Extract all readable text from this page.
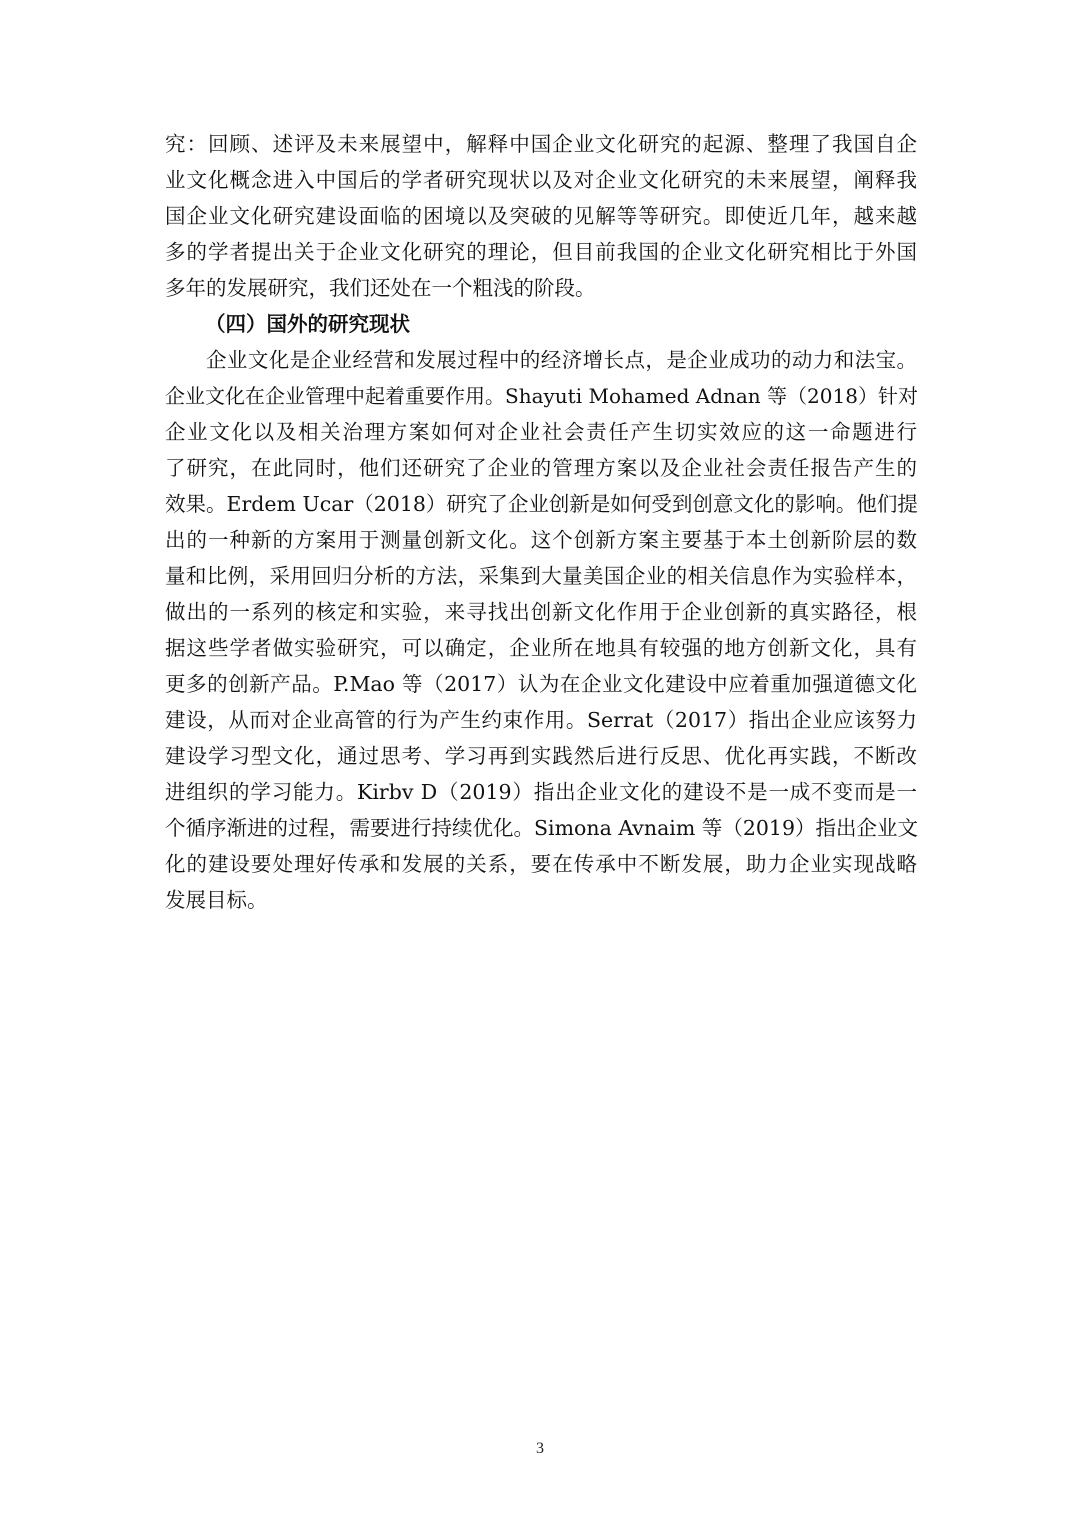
究：回顾、述评及未来展望中，解释中国企业文化研究的起源、整理了我国自企
业文化概念进入中国后的学者研究现状以及对企业文化研究的未来展望，阐释我
国企业文化研究建设面临的困境以及突破的见解等等研究。即使近几年，越来越
多的学者提出关于企业文化研究的理论，但目前我国的企业文化研究相比于外国
多年的发展研究，我们还处在一个粗浅的阶段。
（四）国外的研究现状
企业文化是企业经营和发展过程中的经济增长点，是企业成功的动力和法宝。
企业文化在企业管理中起着重要作用。Shayuti Mohamed Adnan 等（2018）针对
企业文化以及相关治理方案如何对企业社会责任产生切实效应的这一命题进行
了研究，在此同时，他们还研究了企业的管理方案以及企业社会责任报告产生的
效果。Erdem Ucar（2018）研究了企业创新是如何受到创意文化的影响。他们提
出的一种新的方案用于测量创新文化。这个创新方案主要基于本土创新阶层的数
量和比例，采用回归分析的方法，采集到大量美国企业的相关信息作为实验样本，
做出的一系列的核定和实验，来寻找出创新文化作用于企业创新的真实路径，根
据这些学者做实验研究，可以确定，企业所在地具有较强的地方创新文化，具有
更多的创新产品。P.Mao 等（2017）认为在企业文化建设中应着重加强道德文化
建设，从而对企业高管的行为产生约束作用。Serrat（2017）指出企业应该努力
建设学习型文化，通过思考、学习再到实践然后进行反思、优化再实践，不断改
进组织的学习能力。Kirbv D（2019）指出企业文化的建设不是一成不变而是一
个循序渐进的过程，需要进行持续优化。Simona Avnaim 等（2019）指出企业文
化的建设要处理好传承和发展的关系，要在传承中不断发展，助力企业实现战略
发展目标。
3
